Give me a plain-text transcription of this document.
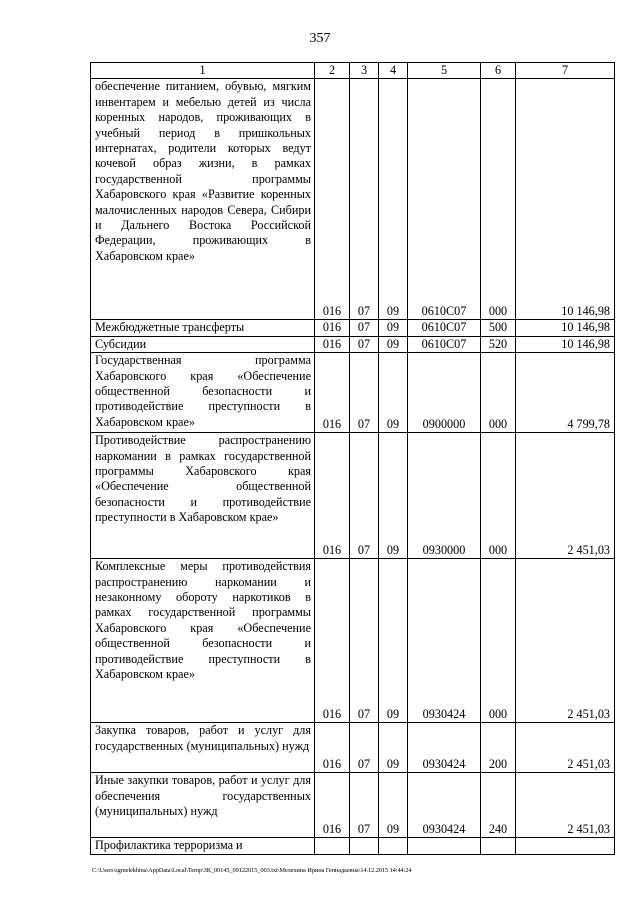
357
1	2	3	4	5	6	7
обеспечение питанием, обувью, мягким инвентарем и мебелью детей из числа коренных народов, проживающих в учебный период в пришкольных интернатах, родители которых ведут кочевой образ жизни, в рамках государственной программы Хабаровского края «Развитие коренных малочисленных народов Севера, Сибири и Дальнего Востока Российской Федерации, проживающих в Хабаровском крае»	016	07	09	0610С07	000	10 146,98
Межбюджетные трансферты	016	07	09	0610С07	500	10 146,98
Субсидии	016	07	09	0610С07	520	10 146,98
Государственная программа Хабаровского края «Обеспечение общественной безопасности и противодействие преступности в Хабаровском крае»	016	07	09	0900000	000	4 799,78
Противодействие распространению наркомании в рамках государственной программы Хабаровского края «Обеспечение общественной безопасности и противодействие преступности в Хабаровском крае»	016	07	09	0930000	000	2 451,03
Комплексные меры противодействия распространению наркомании и незаконному обороту наркотиков в рамках государственной программы Хабаровского края «Обеспечение общественной безопасности и противодействие преступности в Хабаровском крае»	016	07	09	0930424	000	2 451,03
Закупка товаров, работ и услуг для государственных (муниципальных) нужд	016	07	09	0930424	200	2 451,03
Иные закупки товаров, работ и услуг для обеспечения государственных (муниципальных) нужд	016	07	09	0930424	240	2 451,03
Профилактика терроризма и						
C:\Users\sgmelekhina\AppData\Local\Temp\ЗК_00145_09122015_003.txt\Мелехина Ирина Геннадьевна\14.12.2015 14:44:24
